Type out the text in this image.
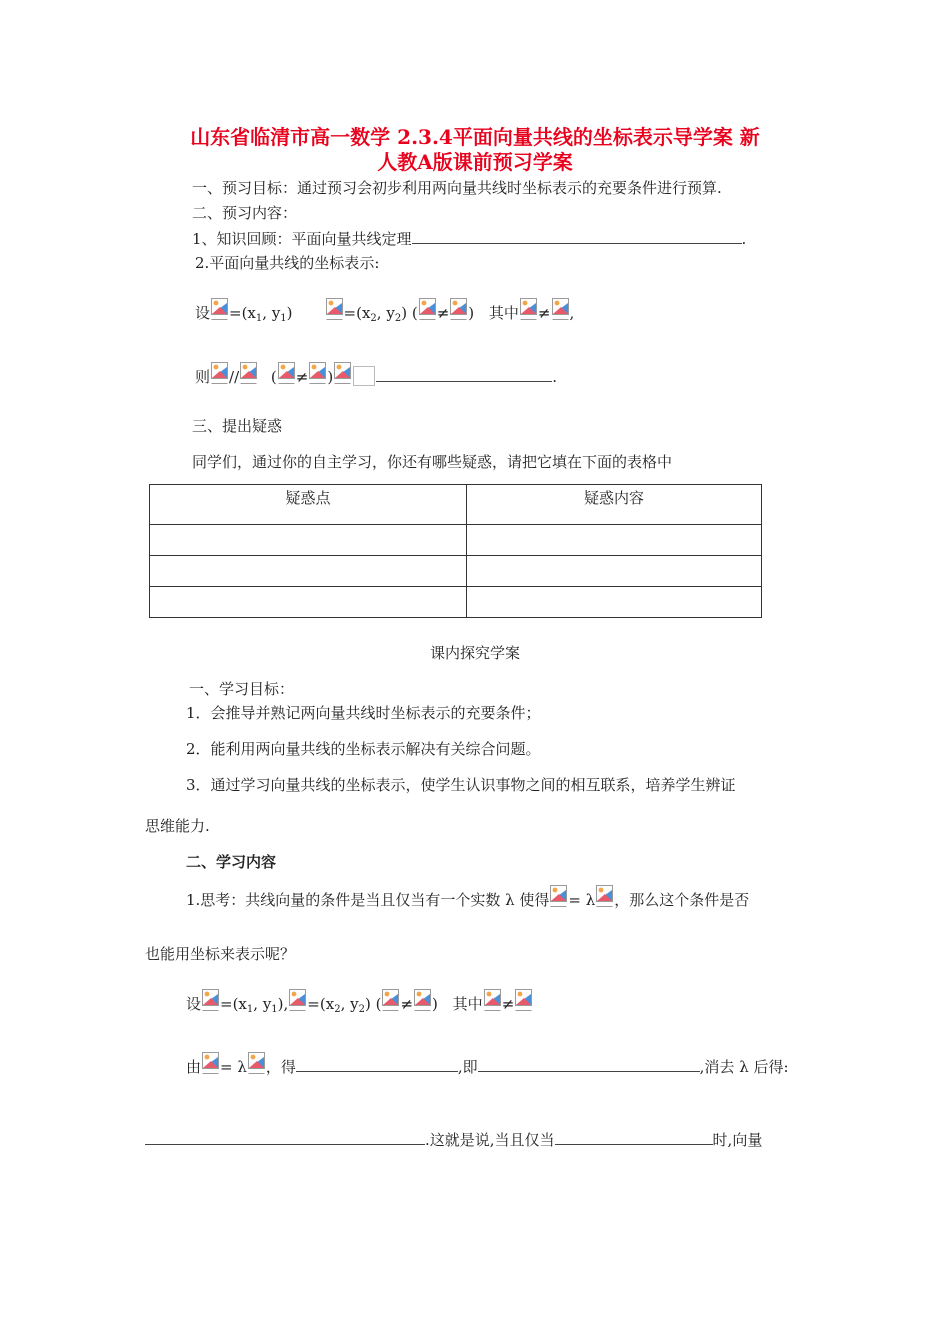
山东省临清市高一数学 2.3.4平面向量共线的坐标表示导学案 新
人教A版课前预习学案
一、预习目标：通过预习会初步利用两向量共线时坐标表示的充要条件进行预算.
二、预习内容：
1、知识回顾：平面向量共线定理	.
2.平面向量共线的坐标表示:
设 $=(x_1$, $y_1$)	$=(x_2$, $y_2$) ( ≠ ) 其中 ≠ ,
则 // ( ≠ )	.
三、提出疑惑
同学们，通过你的自主学习，你还有哪些疑惑，请把它填在下面的表格中
疑惑点	疑惑内容

课内探究学案
一、学习目标：
1．会推导并熟记两向量共线时坐标表示的充要条件；
2．能利用两向量共线的坐标表示解决有关综合问题。
3．通过学习向量共线的坐标表示，使学生认识事物之间的相互联系，培养学生辨证
思维能力.
二、学习内容
1.思考：共线向量的条件是当且仅当有一个实数 λ 使得 = λ ，那么这个条件是否
也能用坐标来表示呢？
设 $=(x_1$, $y_1$), $=(x_2$, $y_2$) ( ≠ ) 其中 ≠
由 = λ ，得	,即	,消去 λ 后得:
.这就是说,当且仅当	时,向量
